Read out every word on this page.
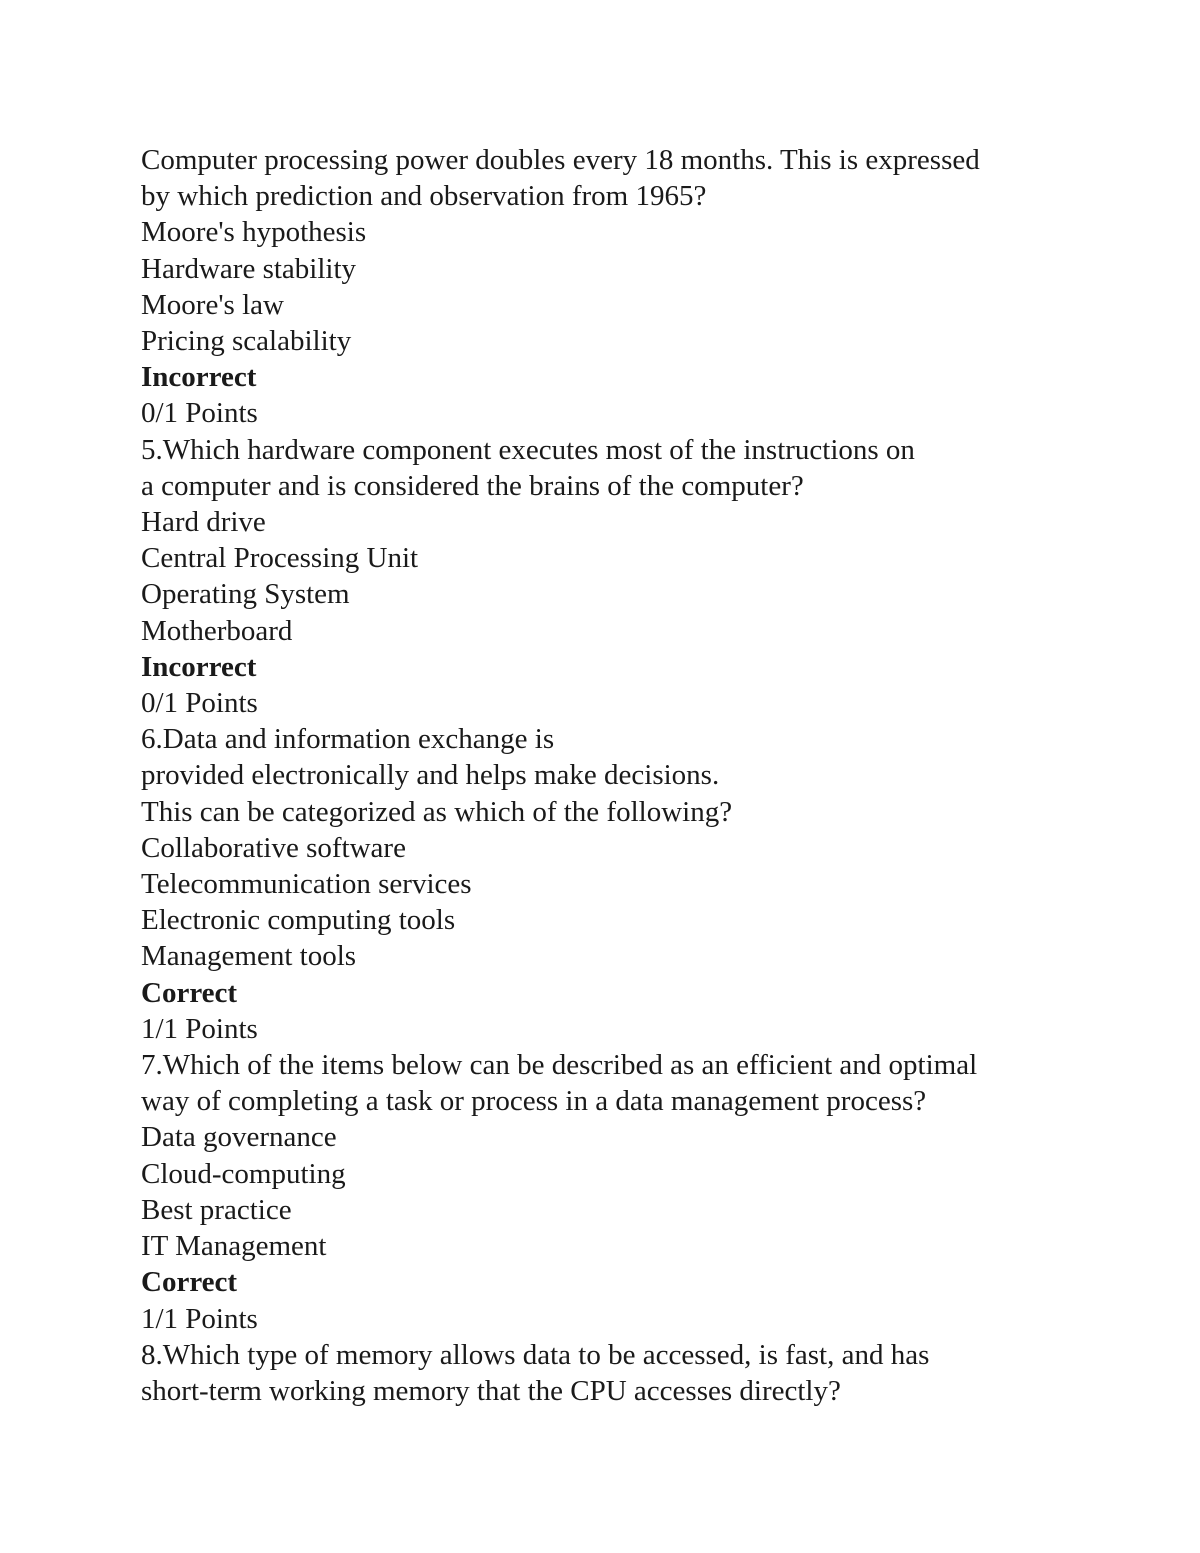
Computer processing power doubles every 18 months. This is expressed
by which prediction and observation from 1965?
Moore's hypothesis
Hardware stability
Moore's law
Pricing scalability
Incorrect
0/1 Points
5.Which hardware component executes most of the instructions on
a computer and is considered the brains of the computer?
Hard drive
Central Processing Unit
Operating System
Motherboard
Incorrect
0/1 Points
6.Data and information exchange is
provided electronically and helps make decisions.
This can be categorized as which of the following?
Collaborative software
Telecommunication services
Electronic computing tools
Management tools
Correct
1/1 Points
7.Which of the items below can be described as an efficient and optimal
way of completing a task or process in a data management process?
Data governance
Cloud-computing
Best practice
IT Management
Correct
1/1 Points
8.Which type of memory allows data to be accessed, is fast, and has
short-term working memory that the CPU accesses directly?
